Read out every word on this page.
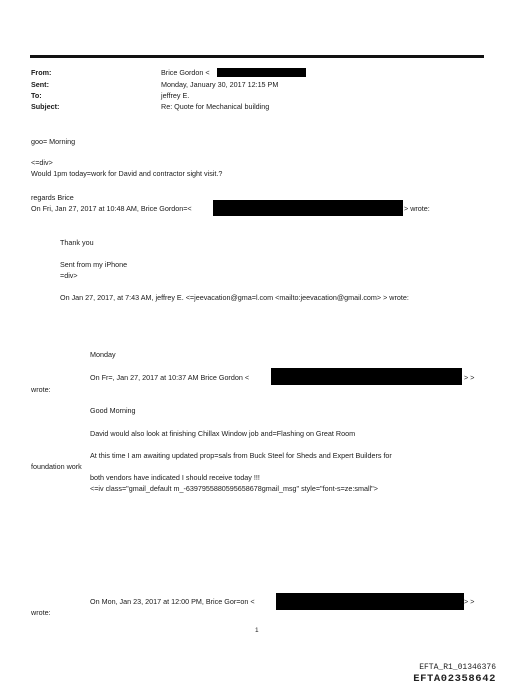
From:	Brice Gordon <
Sent:	Monday, January 30, 2017 12:15 PM
To:	jeffrey E.
Subject:	Re: Quote for Mechanical building
goo= Morning
<=div>
Would 1pm today=work for David and contractor sight visit.?
regards Brice
On Fri, Jan 27, 2017 at 10:48 AM, Brice Gordon=<	> wrote:
Thank you
Sent from my iPhone
=div>
On Jan 27, 2017, at 7:43 AM, jeffrey E. <=jeevacation@gma=l.com <mailto:jeevacation@gmail.com> > wrote:
Monday
On Fr=, Jan 27, 2017 at 10:37 AM Brice Gordon <	> >
wrote:
Good Morning
David would also look at finishing Chillax Window job and=Flashing on Great Room
At this time I am awaiting updated prop=sals from Buck Steel for Sheds and Expert Builders for
foundation work
both vendors have indicated I should receive today !!!
<=iv class="gmail_default m_-6397955880595658678gmail_msg" style="font-s=ze:small">
On Mon, Jan 23, 2017 at 12:00 PM, Brice Gor=on <	> >
wrote:
1
EFTA_R1_01346376
EFTA02358642
